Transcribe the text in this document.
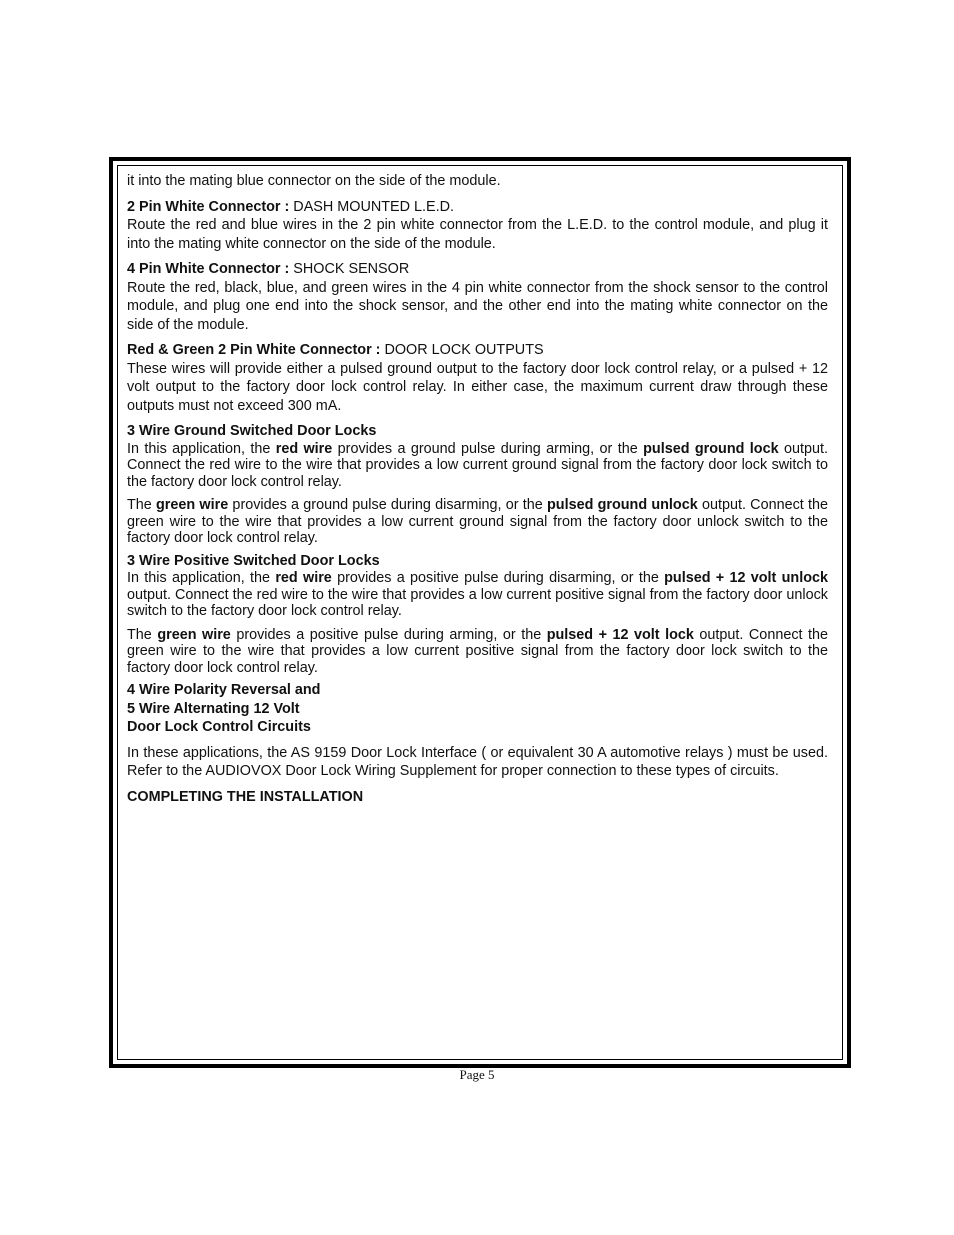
it into the mating blue connector on the side of the module.

2 Pin White Connector : DASH MOUNTED L.E.D.

Route the red and blue wires in the 2 pin white connector from the L.E.D. to the control module, and plug it into the mating white connector on the side of the module.

4 Pin White Connector : SHOCK SENSOR

Route the red, black, blue, and green wires in the 4 pin white connector from the shock sensor to the control module, and plug one end into the shock sensor, and the other end into the mating white connector on the side of the module.

Red & Green 2 Pin White Connector : DOOR LOCK OUTPUTS

These wires will provide either a pulsed ground output to the factory door lock control relay, or a pulsed + 12 volt output to the factory door lock control relay. In either case, the maximum current draw through these outputs must not exceed 300 mA.

3 Wire Ground Switched Door Locks

In this application, the red wire provides a ground pulse during arming, or the pulsed ground lock output. Connect the red wire to the wire that provides a low current ground signal from the factory door lock switch to the factory door lock control relay.

The green wire provides a ground pulse during disarming, or the pulsed ground unlock output. Connect the green wire to the wire that provides a low current ground signal from the factory door unlock switch to the factory door lock control relay.

3 Wire Positive Switched Door Locks

In this application, the red wire provides a positive pulse during disarming, or the pulsed + 12 volt unlock output. Connect the red wire to the wire that provides a low current positive signal from the factory door unlock switch to the factory door lock control relay.

The green wire provides a positive pulse during arming, or the pulsed + 12 volt lock output. Connect the green wire to the wire that provides a low current positive signal from the factory door lock switch to the factory door lock control relay.

4 Wire Polarity Reversal and

5 Wire Alternating 12 Volt

Door Lock Control Circuits

In these applications, the AS 9159 Door Lock Interface ( or equivalent 30 A automotive relays ) must be used. Refer to the AUDIOVOX Door Lock Wiring Supplement for proper connection to these types of circuits.

COMPLETING THE INSTALLATION

Page 5
